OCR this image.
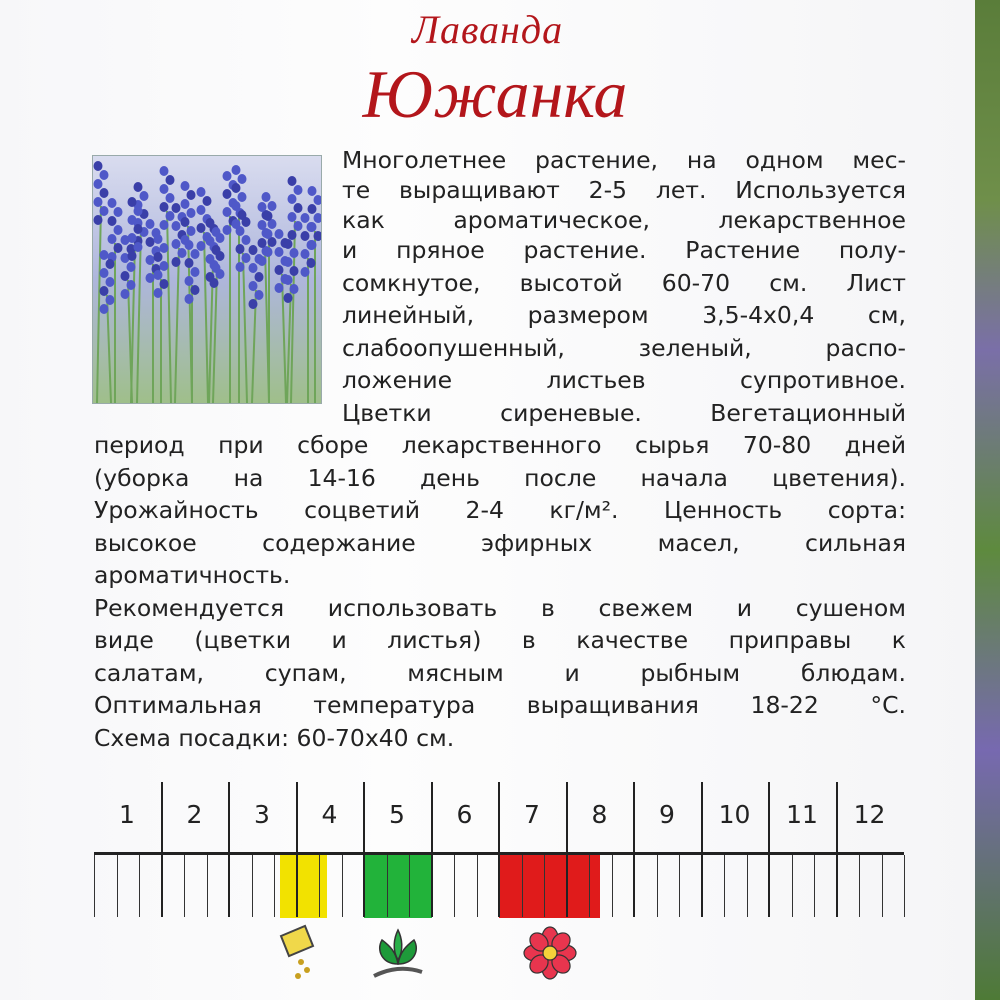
Лаванда
Южанка
Многолетнее растение, на одном мес-
те выращивают 2-5 лет. Используется
как ароматическое, лекарственное
и пряное растение. Растение полу-
сомкнутое, высотой 60-70 см. Лист
линейный, размером 3,5-4х0,4 см,
слабоопушенный, зеленый, распо-
ложение листьев супротивное.
Цветки сиреневые. Вегетационный
период при сборе лекарственного сырья 70-80 дней
(уборка на 14-16 день после начала цветения).
Урожайность соцветий 2-4 кг/м². Ценность сорта:
высокое содержание эфирных масел, сильная
ароматичность.
Рекомендуется использовать в свежем и сушеном
виде (цветки и листья) в качестве приправы к
салатам, супам, мясным и рыбным блюдам.
Оптимальная температура выращивания 18-22 °С.
Схема посадки: 60-70х40 см.
1	2	3	4	5	6	7	8	9	10	11	12
